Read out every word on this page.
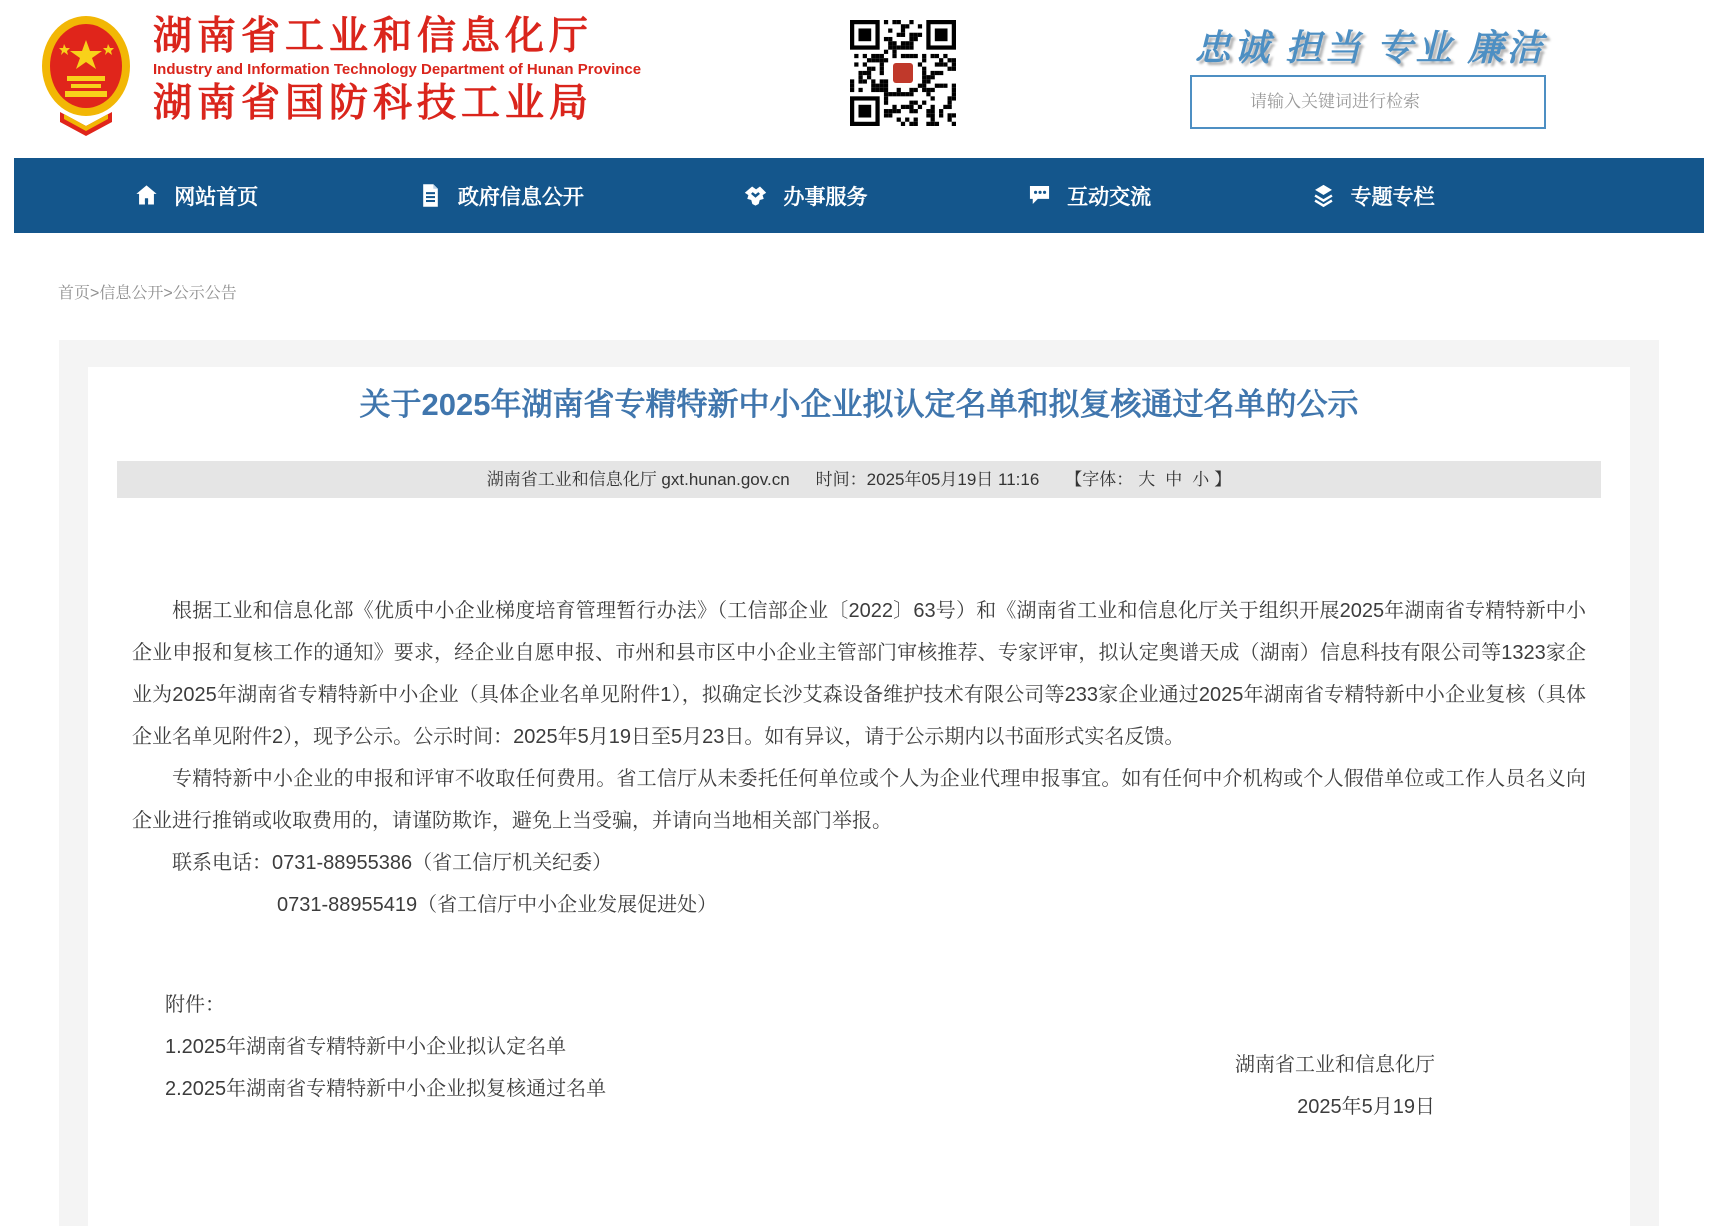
湖南省工业和信息化厅
Industry and Information Technology Department of Hunan Province
湖南省国防科技工业局
忠诚 担当 专业 廉洁
请输入关键词进行检索
网站首页	政府信息公开	办事服务	互动交流	专题专栏
首页>信息公开>公示公告
关于2025年湖南省专精特新中小企业拟认定名单和拟复核通过名单的公示
湖南省工业和信息化厅 gxt.hunan.gov.cn 时间：2025年05月19日 11:16 【字体： 大 中 小 】

根据工业和信息化部《优质中小企业梯度培育管理暂行办法》（工信部企业〔2022〕63号）和《湖南省工业和信息化厅关于组织开展2025年湖南省专精特新中小企业申报和复核工作的通知》要求，经企业自愿申报、市州和县市区中小企业主管部门审核推荐、专家评审，拟认定奥谱天成（湖南）信息科技有限公司等1323家企业为2025年湖南省专精特新中小企业（具体企业名单见附件1），拟确定长沙艾森设备维护技术有限公司等233家企业通过2025年湖南省专精特新中小企业复核（具体企业名单见附件2），现予公示。公示时间：2025年5月19日至5月23日。如有异议，请于公示期内以书面形式实名反馈。

专精特新中小企业的申报和评审不收取任何费用。省工信厅从未委托任何单位或个人为企业代理申报事宜。如有任何中介机构或个人假借单位或工作人员名义向企业进行推销或收取费用的，请谨防欺诈，避免上当受骗，并请向当地相关部门举报。

联系电话：0731-88955386（省工信厅机关纪委）

0731-88955419（省工信厅中小企业发展促进处）

附件：

1.2025年湖南省专精特新中小企业拟认定名单

2.2025年湖南省专精特新中小企业拟复核通过名单

湖南省工业和信息化厅
2025年5月19日
